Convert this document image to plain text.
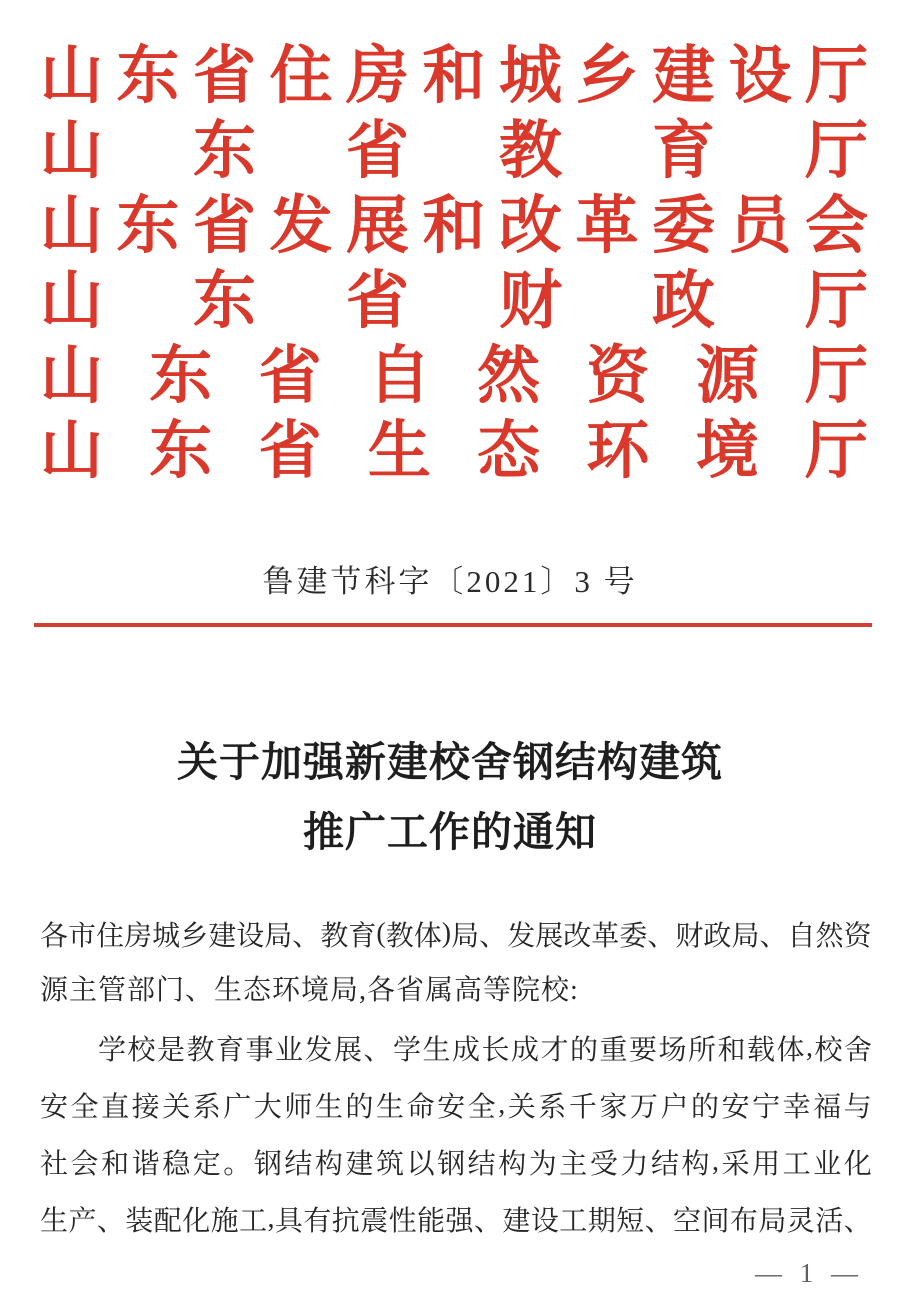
山 东 省 住 房 和 城 乡 建 设 厅
山 东 省 教 育 厅
山 东 省 发 展 和 改 革 委 员 会
山 东 省 财 政 厅
山 东 省 自 然 资 源 厅
山 东 省 生 态 环 境 厅
鲁建节科字〔2021〕3 号
关于加强新建校舍钢结构建筑
推广工作的通知
各 市 住 房 城 乡 建 设 局 、 教 育 ( 教 体 ) 局 、 发 展 改 革 委 、 财 政 局 、 自 然 资
源主管部门、生态环境局,各省属高等院校:
学 校 是 教 育 事 业 发 展 、 学 生 成 长 成 才 的 重 要 场 所 和 载 体 , 校 舍
安 全 直 接 关 系 广 大 师 生 的 生 命 安 全 , 关 系 千 家 万 户 的 安 宁 幸 福 与
社 会 和 谐 稳 定 。 钢 结 构 建 筑 以 钢 结 构 为 主 受 力 结 构 , 采 用 工 业 化
生 产 、 装 配 化 施 工 , 具 有 抗 震 性 能 强 、 建 设 工 期 短 、 空 间 布 局 灵 活 、
— 1 —
